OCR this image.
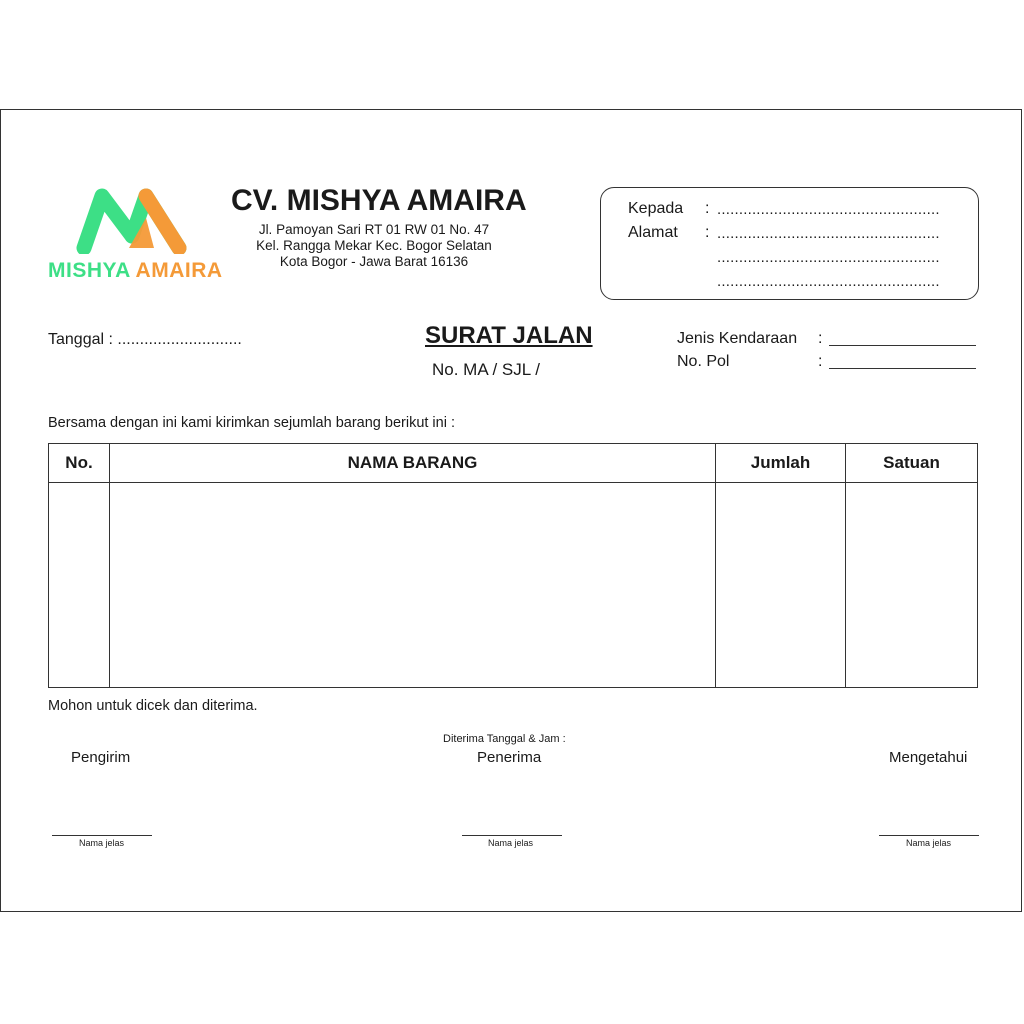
MISHYA AMAIRA
CV. MISHYA AMAIRA
Jl. Pamoyan Sari RT 01 RW 01 No. 47
Kel. Rangga Mekar Kec. Bogor Selatan
Kota Bogor - Jawa Barat 16136
Kepada : ...................................................
Alamat : ...................................................
...................................................
...................................................
Tanggal : ............................	SURAT JALAN
No. MA / SJL /
Jenis Kendaraan :
No. Pol	:
Bersama dengan ini kami kirimkan sejumlah barang berikut ini :
No.	NAMA BARANG	Jumlah	Satuan

Mohon untuk dicek dan diterima.
Diterima Tanggal & Jam :
Pengirim	Penerima	Mengetahui
Nama jelas	Nama jelas	Nama jelas
